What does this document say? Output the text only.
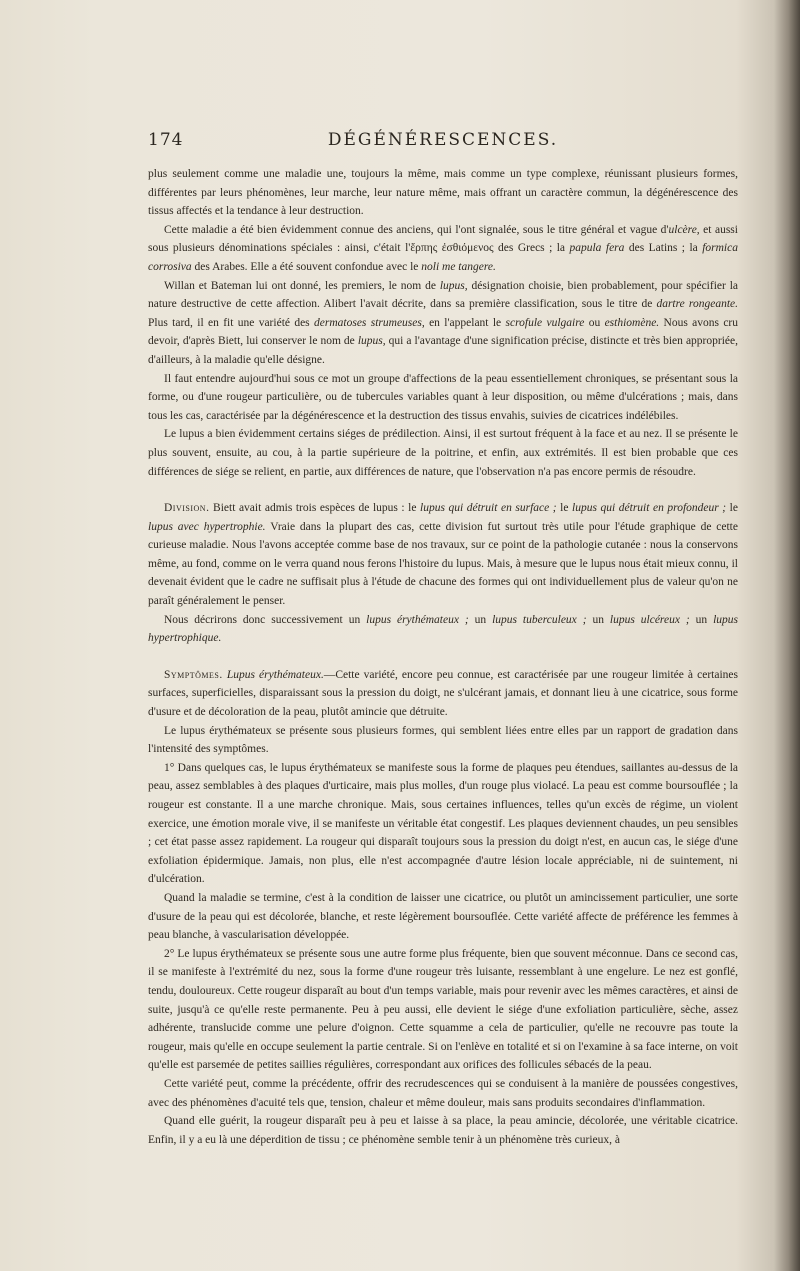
174	DÉGÉNÉRESCENCES.

plus seulement comme une maladie une, toujours la même, mais comme un type complexe, réunissant plusieurs formes, différentes par leurs phénomènes, leur marche, leur nature même, mais offrant un caractère commun, la dégénérescence des tissus affectés et la tendance à leur destruction.

Cette maladie a été bien évidemment connue des anciens, qui l'ont signalée, sous le titre général et vague d'ulcère, et aussi sous plusieurs dénominations spéciales : ainsi, c'était l'ἕρπης ἐσθιόμενος des Grecs ; la papula fera des Latins ; la formica corrosiva des Arabes. Elle a été souvent confondue avec le noli me tangere.

Willan et Bateman lui ont donné, les premiers, le nom de lupus, désignation choisie, bien probablement, pour spécifier la nature destructive de cette affection. Alibert l'avait décrite, dans sa première classification, sous le titre de dartre rongeante. Plus tard, il en fit une variété des dermatoses strumeuses, en l'appelant le scrofule vulgaire ou esthiomène. Nous avons cru devoir, d'après Biett, lui conserver le nom de lupus, qui a l'avantage d'une signification précise, distincte et très bien appropriée, d'ailleurs, à la maladie qu'elle désigne.

Il faut entendre aujourd'hui sous ce mot un groupe d'affections de la peau essentiellement chroniques, se présentant sous la forme, ou d'une rougeur particulière, ou de tubercules variables quant à leur disposition, ou même d'ulcérations ; mais, dans tous les cas, caractérisée par la dégénérescence et la destruction des tissus envahis, suivies de cicatrices indélébiles.

Le lupus a bien évidemment certains siéges de prédilection. Ainsi, il est surtout fréquent à la face et au nez. Il se présente le plus souvent, ensuite, au cou, à la partie supérieure de la poitrine, et enfin, aux extrémités. Il est bien probable que ces différences de siége se relient, en partie, aux différences de nature, que l'observation n'a pas encore permis de résoudre.

Division. Biett avait admis trois espèces de lupus : le lupus qui détruit en surface ; le lupus qui détruit en profondeur ; le lupus avec hypertrophie. Vraie dans la plupart des cas, cette division fut surtout très utile pour l'étude graphique de cette curieuse maladie. Nous l'avons acceptée comme base de nos travaux, sur ce point de la pathologie cutanée : nous la conservons même, au fond, comme on le verra quand nous ferons l'histoire du lupus. Mais, à mesure que le lupus nous était mieux connu, il devenait évident que le cadre ne suffisait plus à l'étude de chacune des formes qui ont individuellement plus de valeur qu'on ne paraît généralement le penser.

Nous décrirons donc successivement un lupus érythémateux ; un lupus tuberculeux ; un lupus ulcéreux ; un lupus hypertrophique.

Symptômes. Lupus érythémateux.—Cette variété, encore peu connue, est caractérisée par une rougeur limitée à certaines surfaces, superficielles, disparaissant sous la pression du doigt, ne s'ulcérant jamais, et donnant lieu à une cicatrice, sous forme d'usure et de décoloration de la peau, plutôt amincie que détruite.

Le lupus érythémateux se présente sous plusieurs formes, qui semblent liées entre elles par un rapport de gradation dans l'intensité des symptômes.

1° Dans quelques cas, le lupus érythémateux se manifeste sous la forme de plaques peu étendues, saillantes au-dessus de la peau, assez semblables à des plaques d'urticaire, mais plus molles, d'un rouge plus violacé. La peau est comme boursouflée ; la rougeur est constante. Il a une marche chronique. Mais, sous certaines influences, telles qu'un excès de régime, un violent exercice, une émotion morale vive, il se manifeste un véritable état congestif. Les plaques deviennent chaudes, un peu sensibles ; cet état passe assez rapidement. La rougeur qui disparaît toujours sous la pression du doigt n'est, en aucun cas, le siége d'une exfoliation épidermique. Jamais, non plus, elle n'est accompagnée d'autre lésion locale appréciable, ni de suintement, ni d'ulcération.

Quand la maladie se termine, c'est à la condition de laisser une cicatrice, ou plutôt un amincissement particulier, une sorte d'usure de la peau qui est décolorée, blanche, et reste légèrement boursouflée. Cette variété affecte de préférence les femmes à peau blanche, à vascularisation développée.

2° Le lupus érythémateux se présente sous une autre forme plus fréquente, bien que souvent méconnue. Dans ce second cas, il se manifeste à l'extrémité du nez, sous la forme d'une rougeur très luisante, ressemblant à une engelure. Le nez est gonflé, tendu, douloureux. Cette rougeur disparaît au bout d'un temps variable, mais pour revenir avec les mêmes caractères, et ainsi de suite, jusqu'à ce qu'elle reste permanente. Peu à peu aussi, elle devient le siége d'une exfoliation particulière, sèche, assez adhérente, translucide comme une pelure d'oignon. Cette squamme a cela de particulier, qu'elle ne recouvre pas toute la rougeur, mais qu'elle en occupe seulement la partie centrale. Si on l'enlève en totalité et si on l'examine à sa face interne, on voit qu'elle est parsemée de petites saillies régulières, correspondant aux orifices des follicules sébacés de la peau.

Cette variété peut, comme la précédente, offrir des recrudescences qui se conduisent à la manière de poussées congestives, avec des phénomènes d'acuité tels que, tension, chaleur et même douleur, mais sans produits secondaires d'inflammation.

Quand elle guérit, la rougeur disparaît peu à peu et laisse à sa place, la peau amincie, décolorée, une véritable cicatrice. Enfin, il y a eu là une déperdition de tissu ; ce phénomène semble tenir à un phénomène très curieux, à
